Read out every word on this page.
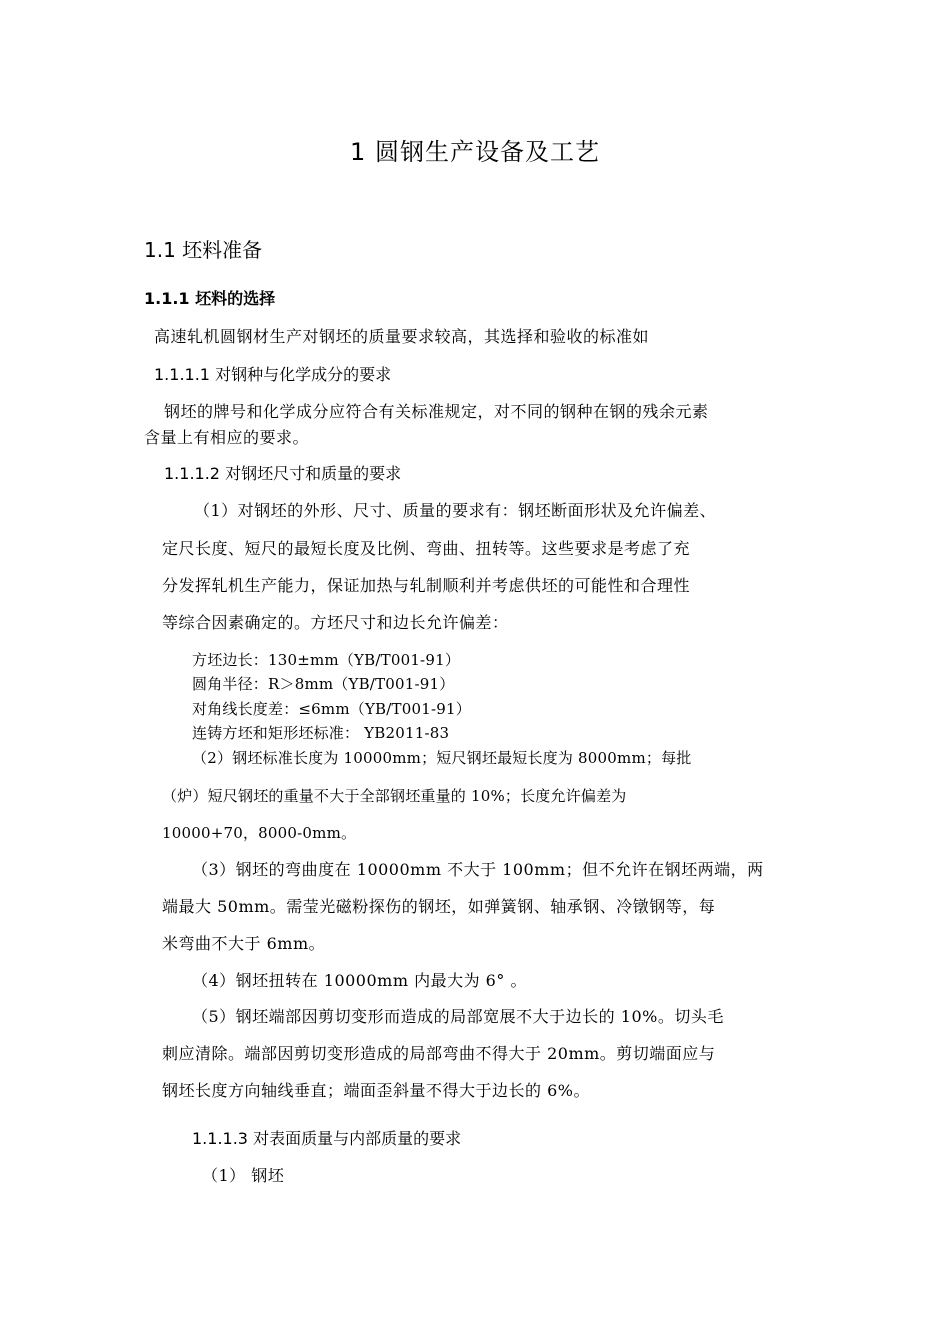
1 圆钢生产设备及工艺
1.1 坯料准备
1.1.1 坯料的选择

高速轧机圆钢材生产对钢坯的质量要求较高，其选择和验收的标准如

1.1.1.1 对钢种与化学成分的要求

钢坯的牌号和化学成分应符合有关标准规定，对不同的钢种在钢的残余元素

含量上有相应的要求。

1.1.1.2 对钢坯尺寸和质量的要求

（1）对钢坯的外形、尺寸、质量的要求有：钢坯断面形状及允许偏差、

定尺长度、短尺的最短长度及比例、弯曲、扭转等。这些要求是考虑了充

分发挥轧机生产能力，保证加热与轧制顺利并考虑供坯的可能性和合理性

等综合因素确定的。方坯尺寸和边长允许偏差：

方坯边长：130±mm（YB/T001-91）

圆角半径：R＞8mm（YB/T001-91）

对角线长度差：≤6mm（YB/T001-91）

连铸方坯和矩形坯标准： YB2011-83

（2）钢坯标准长度为 10000mm；短尺钢坯最短长度为 8000mm；每批

（炉）短尺钢坯的重量不大于全部钢坯重量的 10%；长度允许偏差为

10000+70，8000-0mm。

（3）钢坯的弯曲度在 10000mm 不大于 100mm；但不允许在钢坯两端，两

端最大 50mm。需莹光磁粉探伤的钢坯，如弹簧钢、轴承钢、冷镦钢等，每

米弯曲不大于 6mm。

（4）钢坯扭转在 10000mm 内最大为 6° 。

（5）钢坯端部因剪切变形而造成的局部宽展不大于边长的 10%。切头毛

刺应清除。端部因剪切变形造成的局部弯曲不得大于 20mm。剪切端面应与

钢坯长度方向轴线垂直；端面歪斜量不得大于边长的 6%。

1.1.1.3 对表面质量与内部质量的要求

（1） 钢坯
